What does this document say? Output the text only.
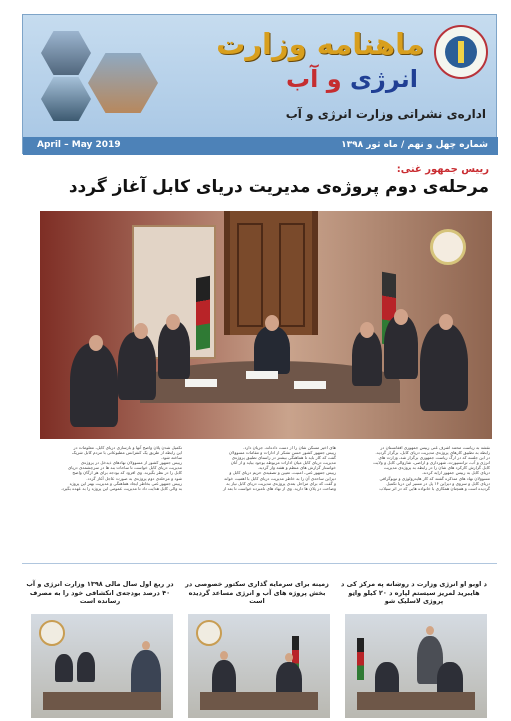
ماهنامه وزارت
انرژی و آب
اداره‌ی نشراتی وزارت انرژی و آب
April – May 2019	شماره چهل و نهم / ماه ثور ۱۳۹۸
رییس جمهور غنی:
مرحله‌ی دوم پروژه‌ی مدیریت دریای کابل آغاز گردد
نقشه به ریاست محمد اشرف غنی رییس جمهوری افغانستان در
رابطه به تطبیق کارهای پروژه‌ی مدیریت دریای کابل، برگزار گردید.
در این جلسه که در ارگ ریاست جمهوری برگزار شد، وزارت های
انرژی و آب، ترانسپورت، شهرداری و اراضی، شاروالی کابل و ولایت
کابل گزارش کارکرد های شان را در رابطه به پروژه‌ی مدیریت
دریای کابل به رییس جمهور ارایه کردند.
مسوولان نهاد های متذکره گفتند که کار هایدرولوژی و توپوگرافی
دریای کابل و سروی و دیزاین ۱۶ پل در مسیر این دریا تکمیل
گردیده است و همچنان همکاری با خانواده هایی که در اثر سیلاب
های اخیر مسکن شان را از دست داده‌اند، جریان دارد.
رییس جمهور کشور حسن تشکر از ادارات و مقامات مسوولان
گفت که کار باید تا هماهنگی بیشتر در راستای تطبیق پروژه‌ی
مدیریت دریای کابل میان ادارات مربوطه بوجود بیاید و از آنان
خواستار گزارش های منظم و هفته وار گردید.
رییس جمهور غنی، امنیت، تعیین و تصفیه‌ی حریم دریای کابل و
دیزاین ساحه‌ی آن را به خاطر مدیریت دریای کابل با اهمیت خواند
و گفت که برای مراحل بعدی پروژه‌ی مدیریت دریای کابل نیاز به
وضاحت در پلان ها دارید. وی از نهاد های نامبرده خواست تا بعد از
تکمیل شدن پلان واضح آنها و بازسازی دریای کابل، معلومات در
این رابطه از طریق یک کنفرانس مطبوعاتی با مردم کابل شریک
ساخته شود.
رییس جمهور کشور از مسوولان نهادهای ذیدخل در پروژه‌ی
مدیریت دریای کابل خواست تا ساحات بند ها در سرچشمه‌ی دریای
کابل را در نظر بگیرند. وی افزود که بودجه برای هر ارگان واضح
شود و مرحله‌ی دوم پروژه‌ی به صورت عاجل آغاز گردد.
رییس جمهور غنی بخاطر ایجاد هماهنگی و مدیریت بهتر این پروژه
به والی کابل هدایت داد تا مدیریت عمومی این پروژه را به عهده بگیرد.
د اوبو او انرژی وزارت د روښانه په مرکز کی د هایبرید لمریز سیستم لپاره د ۲۰ کیلو واټو پروژی لاسلیک شو
زمینه برای سرمایه گذاری سکتور خصوصی در بخش پروژه های آب و انرژی مساعد گردیده است
در ربع اول سال مالی ۱۳۹۸ وزارت انرژی و آب ۴۰ درصد بودجه‌ی انکشافی خود را به مصرف رسانده است
